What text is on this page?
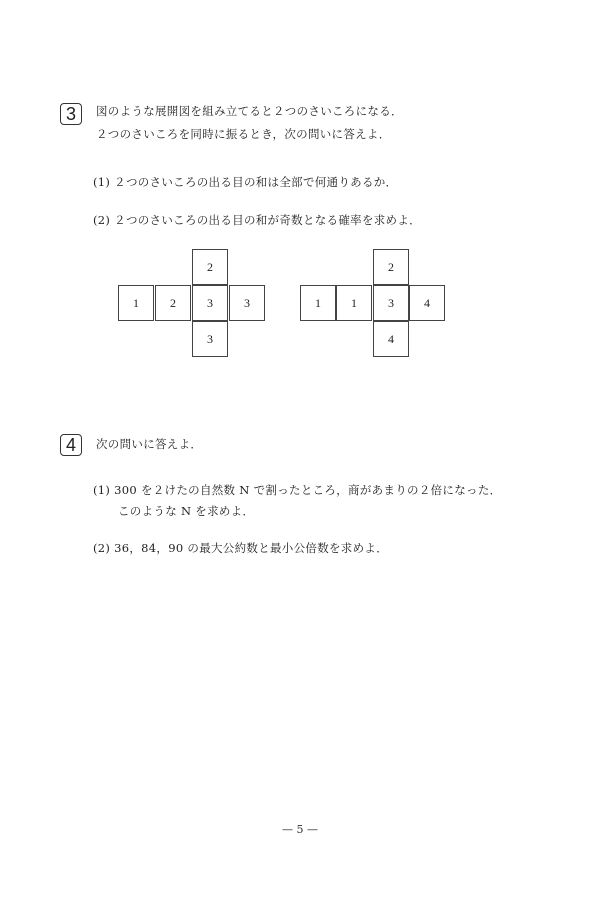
3	図のような展開図を組み立てると２つのさいころになる．
２つのさいころを同時に振るとき，次の問いに答えよ．
(1) ２つのさいころの出る目の和は全部で何通りあるか．
(2) ２つのさいころの出る目の和が奇数となる確率を求めよ．
2
1	2	3	3
3
2
1	1	3	4
4
4	次の問いに答えよ．
(1) 300 を２けたの自然数 N で割ったところ，商があまりの２倍になった．
このような N を求めよ．
(2) 36，84，90 の最大公約数と最小公倍数を求めよ．
— 5 —
